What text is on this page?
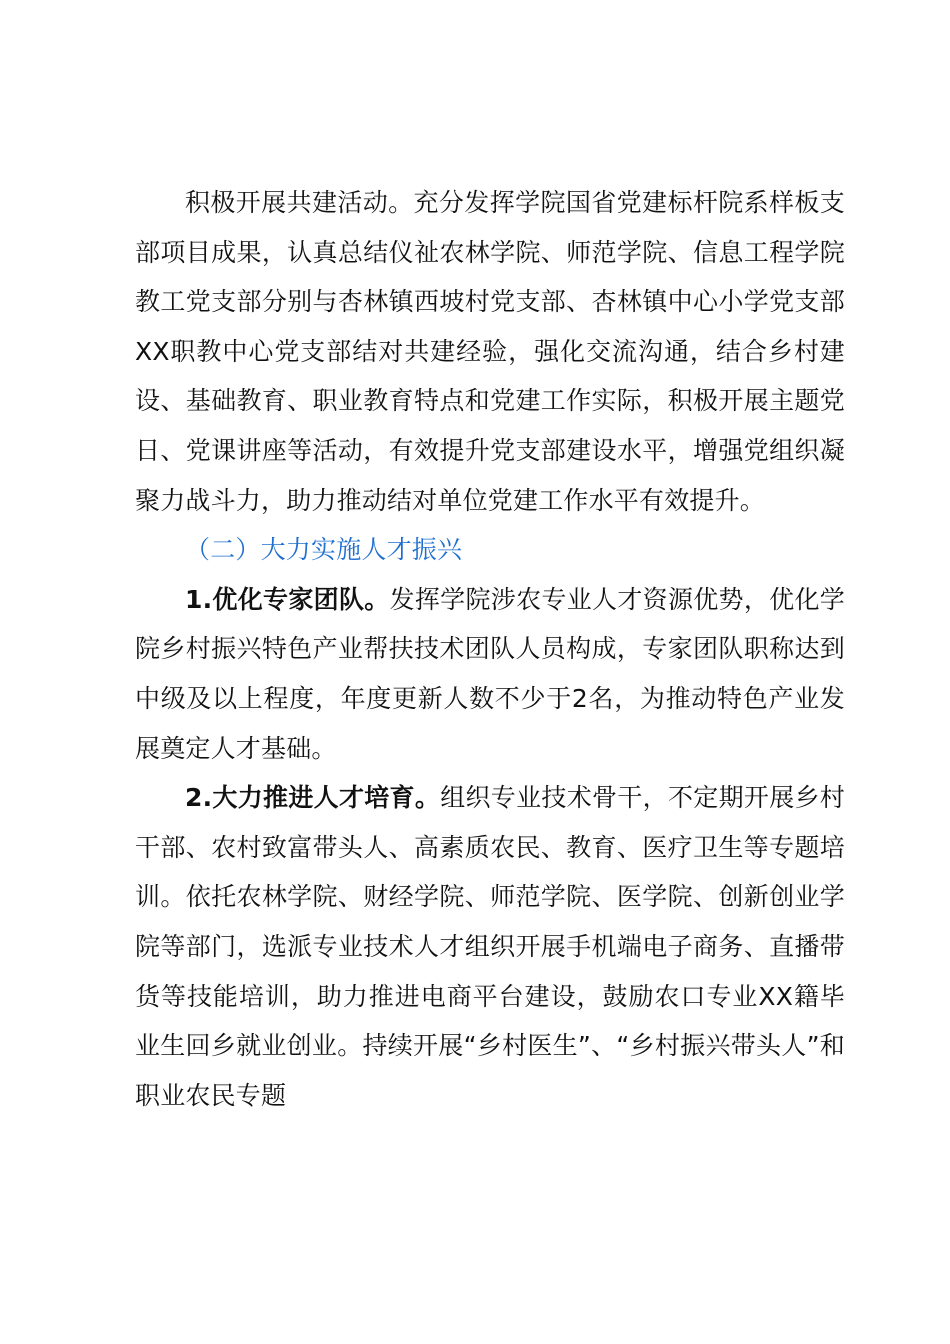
积极开展共建活动。充分发挥学院国省党建标杆院系样板支部项目成果，认真总结仪祉农林学院、师范学院、信息工程学院教工党支部分别与杏林镇西坡村党支部、杏林镇中心小学党支部XX职教中心党支部结对共建经验，强化交流沟通，结合乡村建设、基础教育、职业教育特点和党建工作实际，积极开展主题党日、党课讲座等活动，有效提升党支部建设水平，增强党组织凝聚力战斗力，助力推动结对单位党建工作水平有效提升。

（二）大力实施人才振兴

1.优化专家团队。发挥学院涉农专业人才资源优势，优化学院乡村振兴特色产业帮扶技术团队人员构成，专家团队职称达到中级及以上程度，年度更新人数不少于2名，为推动特色产业发展奠定人才基础。

2.大力推进人才培育。组织专业技术骨干，不定期开展乡村干部、农村致富带头人、高素质农民、教育、医疗卫生等专题培训。依托农林学院、财经学院、师范学院、医学院、创新创业学院等部门，选派专业技术人才组织开展手机端电子商务、直播带货等技能培训，助力推进电商平台建设，鼓励农口专业XX籍毕业生回乡就业创业。持续开展“乡村医生”、“乡村振兴带头人”和职业农民专题
